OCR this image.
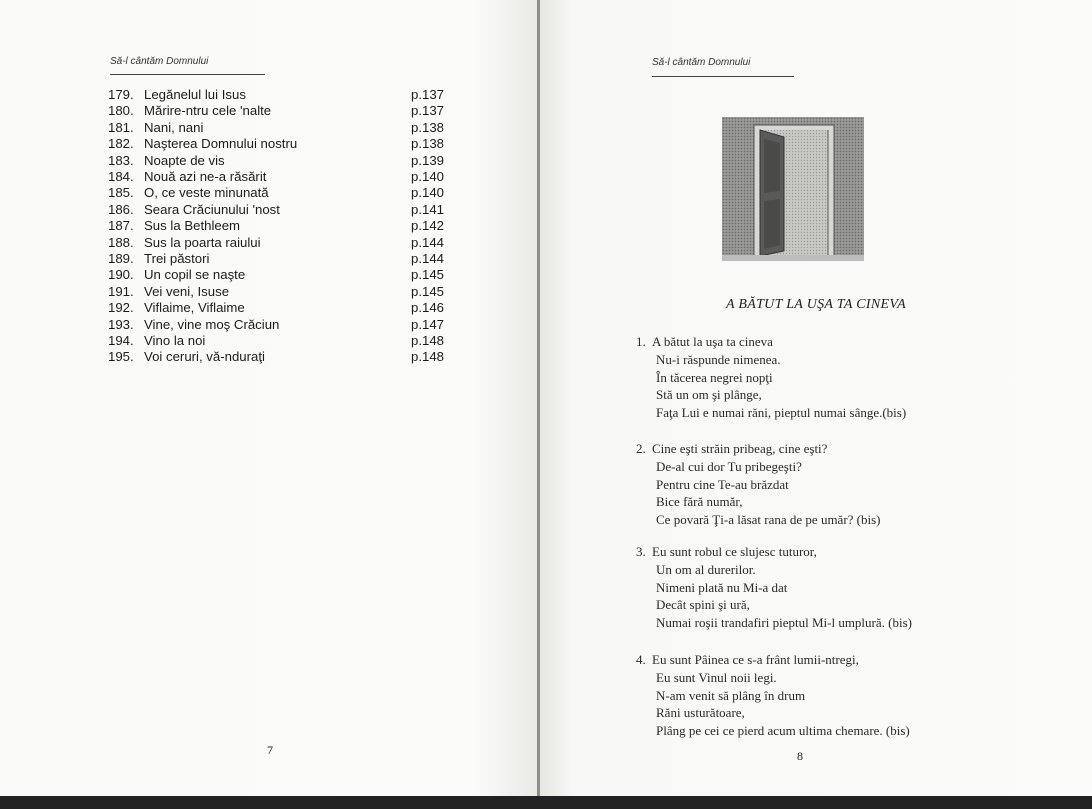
Să-l cântăm Domnului
179. Legănelul lui Isus	p.137
180. Mărire-ntru cele 'nalte	p.137
181. Nani, nani	p.138
182. Naşterea Domnului nostru	p.138
183. Noapte de vis	p.139
184. Nouă azi ne-a răsărit	p.140
185. O, ce veste minunată	p.140
186. Seara Crăciunului 'nost	p.141
187. Sus la Bethleem	p.142
188. Sus la poarta raiului	p.144
189. Trei păstori	p.144
190. Un copil se naşte	p.145
191. Vei veni, Isuse	p.145
192. Viflaime, Viflaime	p.146
193. Vine, vine moş Crăciun	p.147
194. Vino la noi	p.148
195. Voi ceruri, vă-nduraţi	p.148
7
Să-l cântăm Domnului
A BĂTUT LA UŞA TA CINEVA
1. A bătut la uşa ta cineva
Nu-i răspunde nimenea.
În tăcerea negrei nopţi
Stă un om şi plânge,
Faţa Lui e numai răni, pieptul numai sânge.(bis)
2. Cine eşti străin pribeag, cine eşti?
De-al cui dor Tu pribegeşti?
Pentru cine Te-au brăzdat
Bice fără număr,
Ce povară Ţi-a lăsat rana de pe umăr? (bis)
3. Eu sunt robul ce slujesc tuturor,
Un om al durerilor.
Nimeni plată nu Mi-a dat
Decât spini şi ură,
Numai roşii trandafiri pieptul Mi-l umplură. (bis)
4. Eu sunt Pâinea ce s-a frânt lumii-ntregi,
Eu sunt Vinul noii legi.
N-am venit să plâng în drum
Răni usturătoare,
Plâng pe cei ce pierd acum ultima chemare. (bis)
8
